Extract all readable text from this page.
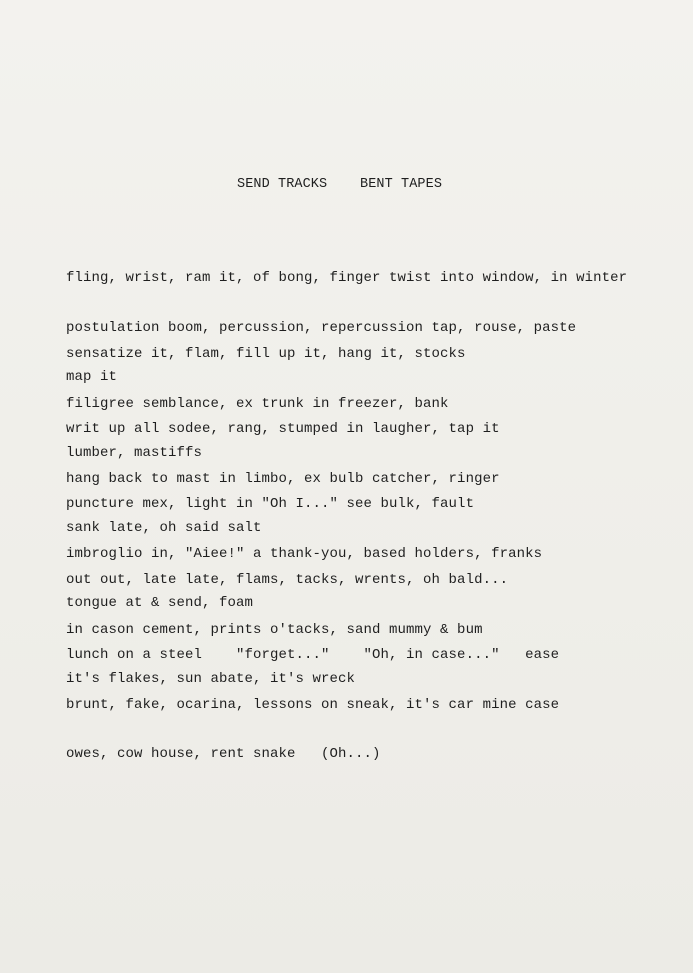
SEND TRACKS    BENT TAPES

fling, wrist, ram it, of bong, finger twist into window, in winter

postulation boom, percussion, repercussion tap, rouse, paste

map it

sensatize it, flam, fill up it, hang it, stocks

filigree semblance, ex trunk in freezer, bank

lumber, mastiffs

writ up all sodee, rang, stumped in laugher, tap it

hang back to mast in limbo, ex bulb catcher, ringer

sank late, oh said salt

puncture mex, light in "Oh I..." see bulk, fault

imbroglio in, "Aiee!" a thank-you, based holders, franks

tongue at & send, foam

out out, late late, flams, tacks, wrents, oh bald...

in cason cement, prints o'tacks, sand mummy & bum

it's flakes, sun abate, it's wreck

lunch on a steel    "forget..."    "Oh, in case..."   ease

brunt, fake, ocarina, lessons on sneak, it's car mine case

owes, cow house, rent snake   (Oh...)
